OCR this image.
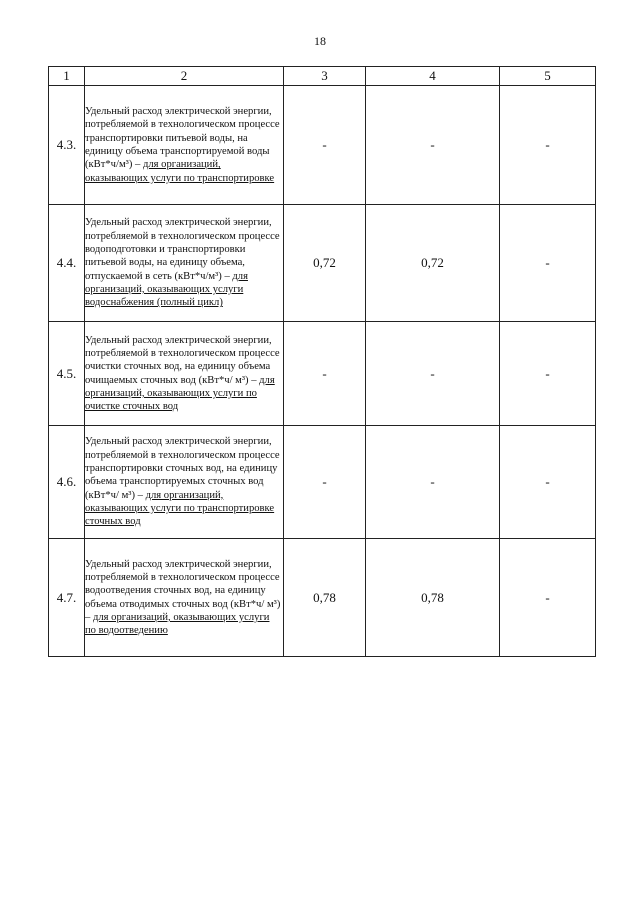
18
1	2	3	4	5
4.3.	Удельный расход электрической энергии, потребляемой в технологическом процессе транспортировки питьевой воды, на единицу объема транспортируемой воды (кВт*ч/м³) – для организаций, оказывающих услуги по транспортировке	-	-	-
4.4.	Удельный расход электрической энергии, потребляемой в технологическом процессе водоподготовки и транспортировки питьевой воды, на единицу объема, отпускаемой в сеть (кВт*ч/м³) – для организаций, оказывающих услуги водоснабжения (полный цикл)	0,72	0,72	-
4.5.	Удельный расход электрической энергии, потребляемой в технологическом процессе очистки сточных вод, на единицу объема очищаемых сточных вод (кВт*ч/ м³) – для организаций, оказывающих услуги по очистке сточных вод	-	-	-
4.6.	Удельный расход электрической энергии, потребляемой в технологическом процессе транспортировки сточных вод, на единицу объема транспортируемых сточных вод (кВт*ч/ м³) – для организаций, оказывающих услуги по транспортировке сточных вод	-	-	-
4.7.	Удельный расход электрической энергии, потребляемой в технологическом процессе водоотведения сточных вод, на единицу объема отводимых сточных вод (кВт*ч/ м³) – для организаций, оказывающих услуги по водоотведению	0,78	0,78	-
